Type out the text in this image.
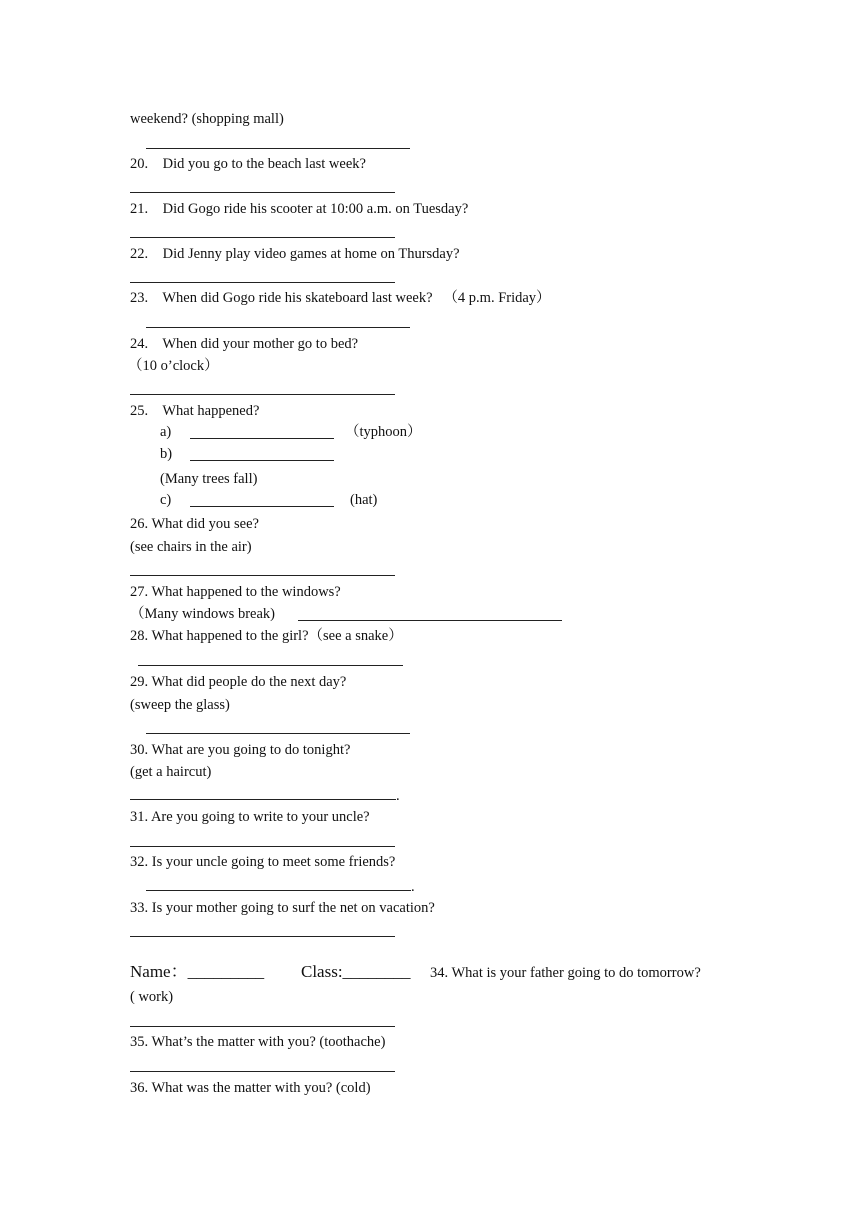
weekend? (shopping mall)
20.    Did you go to the beach last week?
21.    Did Gogo ride his scooter at 10:00 a.m. on Tuesday?
22.    Did Jenny play video games at home on Thursday?
23.    When did Gogo ride his skateboard last week?   （4 p.m. Friday）
24.    When did your mother go to bed?
（10 o’clock）
25.    What happened?
a)	（typhoon）
b)
(Many trees fall)
c)	(hat)
26. What did you see?
(see chairs in the air)
27. What happened to the windows?
（Many windows break)
28. What happened to the girl?（see a snake）
29. What did people do the next day?
(sweep the glass)
30. What are you going to do tonight?
(get a haircut)
.
31. Are you going to write to your uncle?
32. Is your uncle going to meet some friends?
.
33. Is your mother going to surf the net on vacation?
Name：_________ Class:________ 34. What is your father going to do tomorrow?
( work)
35. What’s the matter with you? (toothache)
36. What was the matter with you? (cold)
